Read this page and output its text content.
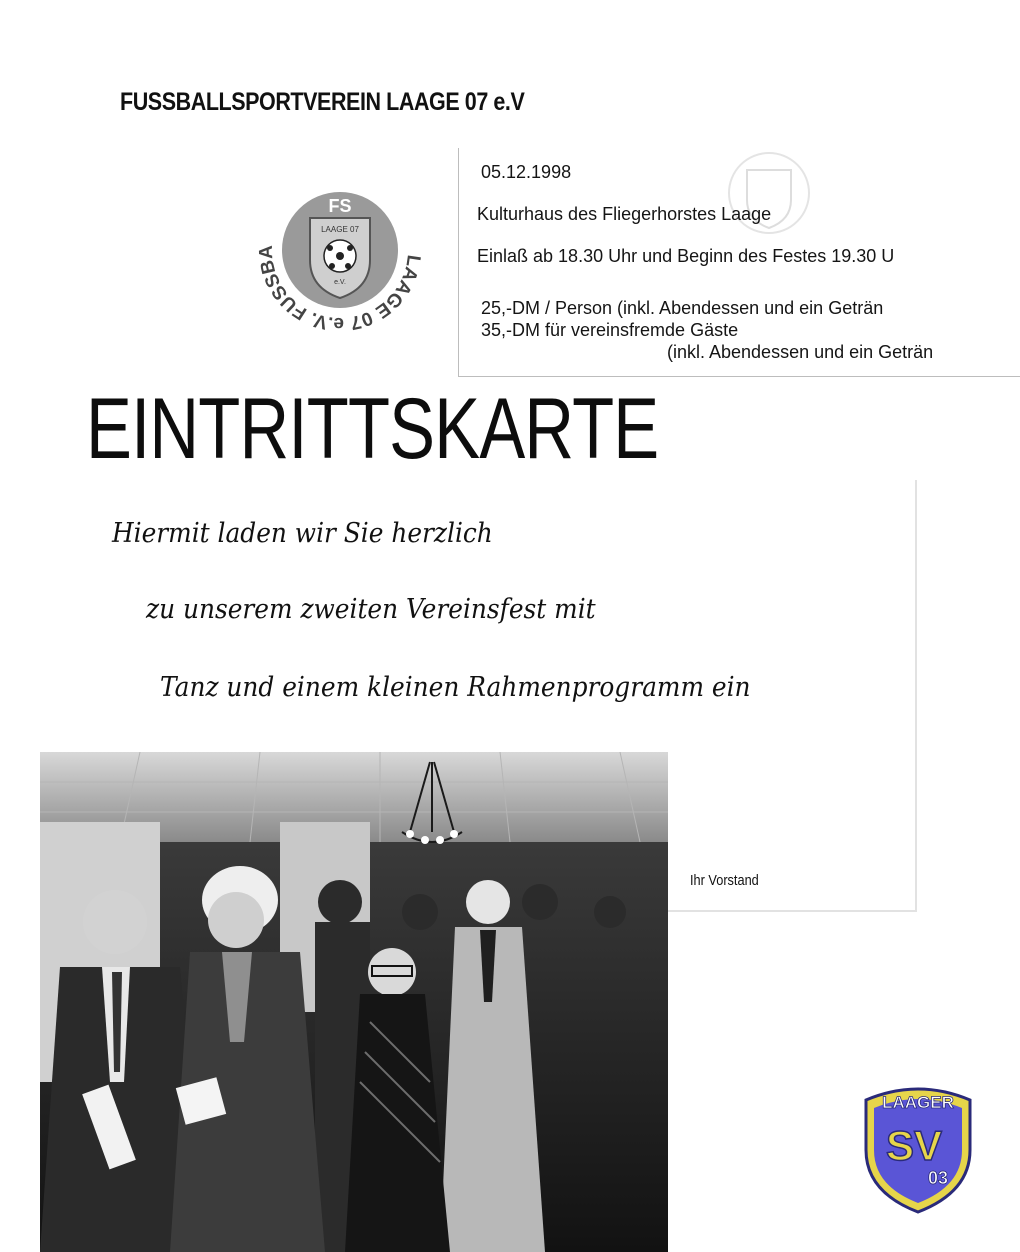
FUSSBALLSPORTVEREIN LAAGE 07 e.V
LAAGE 07 e.V. FUSSBA
FS
LAAGE 07
e.V.
05.12.1998
Kulturhaus des Fliegerhorstes Laage
Einlaß ab 18.30 Uhr und Beginn des Festes 19.30 U
25,-DM / Person (inkl. Abendessen und ein Geträn
35,-DM für vereinsfremde Gäste
(inkl. Abendessen und ein Geträn
EINTRITTSKARTE
Hiermit laden wir Sie herzlich
zu unserem zweiten Vereinsfest mit
Tanz und einem kleinen Rahmenprogramm ein
Ihr Vorstand
LAAGER
SV
03
